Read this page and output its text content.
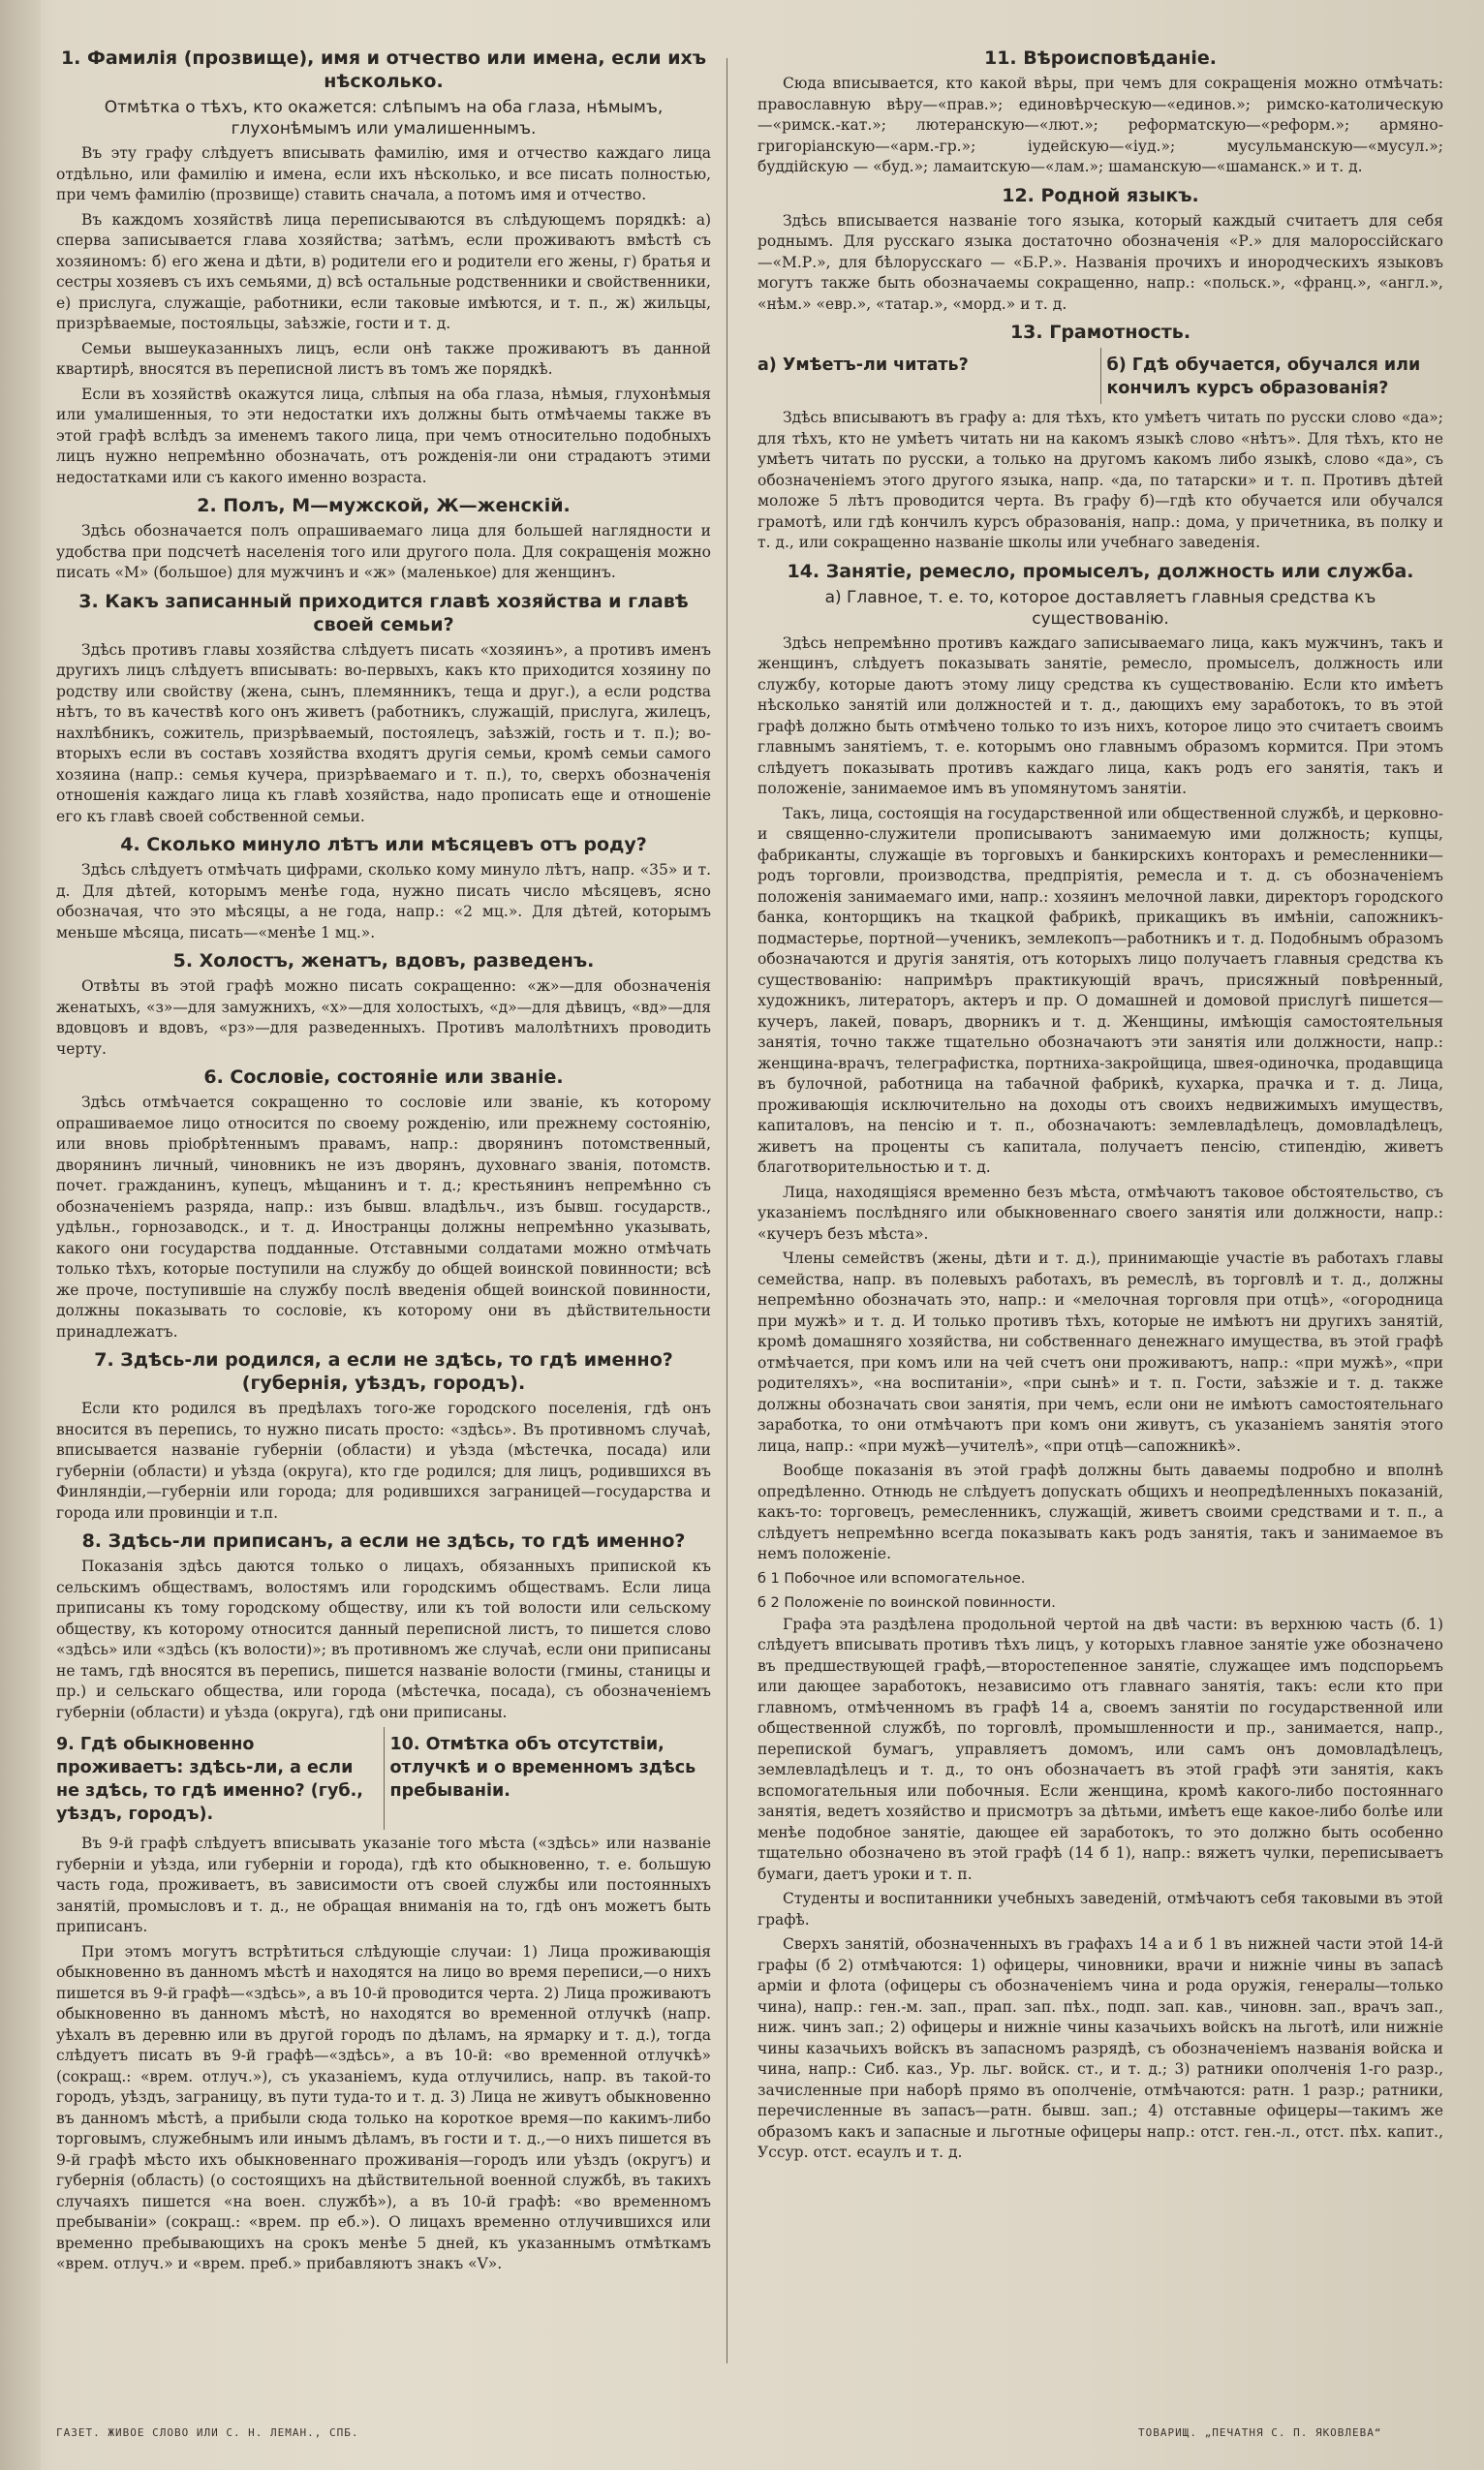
1. Фамилія (прозвище), имя и отчество или имена, если ихъ нѣсколько.
Отмѣтка о тѣхъ, кто окажется: слѣпымъ на оба глаза, нѣмымъ, глухонѣмымъ или умалишеннымъ.

Въ эту графу слѣдуетъ вписывать фамилію, имя и отчество каждаго лица отдѣльно, или фамилію и имена, если ихъ нѣсколько, и все писать полностью, при чемъ фамилію (прозвище) ставить сначала, а потомъ имя и отчество.

Въ каждомъ хозяйствѣ лица переписываются въ слѣдующемъ порядкѣ: а) сперва записывается глава хозяйства; затѣмъ, если проживаютъ вмѣстѣ съ хозяиномъ: б) его жена и дѣти, в) родители его и родители его жены, г) братья и сестры хозяевъ съ ихъ семьями, д) всѣ остальные родственники и свойственники, е) прислуга, служащіе, работники, если таковые имѣются, и т. п., ж) жильцы, призрѣваемые, постояльцы, заѣзжіе, гости и т. д.

Семьи вышеуказанныхъ лицъ, если онѣ также проживаютъ въ данной квартирѣ, вносятся въ переписной листъ въ томъ же порядкѣ.

Если въ хозяйствѣ окажутся лица, слѣпыя на оба глаза, нѣмыя, глухонѣмыя или умалишенныя, то эти недостатки ихъ должны быть отмѣчаемы также въ этой графѣ вслѣдъ за именемъ такого лица, при чемъ относительно подобныхъ лицъ нужно непремѣнно обозначать, отъ рожденія-ли они страдаютъ этими недостатками или съ какого именно возраста.

2. Полъ, М—мужской, Ж—женскій.

Здѣсь обозначается полъ опрашиваемаго лица для большей наглядности и удобства при подсчетѣ населенія того или другого пола. Для сокращенія можно писать «М» (большое) для мужчинъ и «ж» (маленькое) для женщинъ.

3. Какъ записанный приходится главѣ хозяйства и главѣ своей семьи?

Здѣсь противъ главы хозяйства слѣдуетъ писать «хозяинъ», а противъ именъ другихъ лицъ слѣдуетъ вписывать: во-первыхъ, какъ кто приходится хозяину по родству или свойству (жена, сынъ, племянникъ, теща и друг.), а если родства нѣтъ, то въ качествѣ кого онъ живетъ (работникъ, служащій, прислуга, жилецъ, нахлѣбникъ, сожитель, призрѣваемый, постоялецъ, заѣзжій, гость и т. п.); во-вторыхъ если въ составъ хозяйства входятъ другія семьи, кромѣ семьи самого хозяина (напр.: семья кучера, призрѣваемаго и т. п.), то, сверхъ обозначенія отношенія каждаго лица къ главѣ хозяйства, надо прописать еще и отношеніе его къ главѣ своей собственной семьи.

4. Сколько минуло лѣтъ или мѣсяцевъ отъ роду?

Здѣсь слѣдуетъ отмѣчать цифрами, сколько кому минуло лѣтъ, напр. «35» и т. д. Для дѣтей, которымъ менѣе года, нужно писать число мѣсяцевъ, ясно обозначая, что это мѣсяцы, а не года, напр.: «2 мц.». Для дѣтей, которымъ меньше мѣсяца, писать—«менѣе 1 мц.».

5. Холостъ, женатъ, вдовъ, разведенъ.

Отвѣты въ этой графѣ можно писать сокращенно: «ж»—для обозначенія женатыхъ, «з»—для замужнихъ, «х»—для холостыхъ, «д»—для дѣвицъ, «вд»—для вдовцовъ и вдовъ, «рз»—для разведенныхъ. Противъ малолѣтнихъ проводить черту.

6. Сословіе, состояніе или званіе.

Здѣсь отмѣчается сокращенно то сословіе или званіе, къ которому опрашиваемое лицо относится по своему рожденію, или прежнему состоянію, или вновь пріобрѣтеннымъ правамъ, напр.: дворянинъ потомственный, дворянинъ личный, чиновникъ не изъ дворянъ, духовнаго званія, потомств. почет. гражданинъ, купецъ, мѣщанинъ и т. д.; крестьянинъ непремѣнно съ обозначеніемъ разряда, напр.: изъ бывш. владѣльч., изъ бывш. государств., удѣльн., горнозаводск., и т. д. Иностранцы должны непремѣнно указывать, какого они государства подданные. Отставными солдатами можно отмѣчать только тѣхъ, которые поступили на службу до общей воинской повинности; всѣ же проче, поступившіе на службу послѣ введенія общей воинской повинности, должны показывать то сословіе, къ которому они въ дѣйствительности принадлежатъ.

7. Здѣсь-ли родился, а если не здѣсь, то гдѣ именно? (губернія, уѣздъ, городъ).

Если кто родился въ предѣлахъ того-же городского поселенія, гдѣ онъ вносится въ перепись, то нужно писать просто: «здѣсь». Въ противномъ случаѣ, вписывается названіе губерніи (области) и уѣзда (мѣстечка, посада) или губерніи (области) и уѣзда (округа), кто где родился; для лицъ, родившихся въ Финляндіи,—губерніи или города; для родившихся заграницей—государства и города или провинціи и т.п.

8. Здѣсь-ли приписанъ, а если не здѣсь, то гдѣ именно?

Показанія здѣсь даются только о лицахъ, обязанныхъ припиской къ сельскимъ обществамъ, волостямъ или городскимъ обществамъ. Если лица приписаны къ тому городскому обществу, или къ той волости или сельскому обществу, къ которому относится данный переписной листъ, то пишется слово «здѣсь» или «здѣсь (къ волости)»; въ противномъ же случаѣ, если они приписаны не тамъ, гдѣ вносятся въ перепись, пишется названіе волости (гмины, станицы и пр.) и сельскаго общества, или города (мѣстечка, посада), съ обозначеніемъ губерніи (области) и уѣзда (округа), гдѣ они приписаны.

9. Гдѣ обыкновенно проживаетъ: здѣсь-ли, а если не здѣсь, то гдѣ именно? (губ., уѣздъ, городъ).
10. Отмѣтка объ отсутствіи, отлучкѣ и о временномъ здѣсь пребываніи.

Въ 9-й графѣ слѣдуетъ вписывать указаніе того мѣста («здѣсь» или названіе губерніи и уѣзда, или губерніи и города), гдѣ кто обыкновенно, т. е. большую часть года, проживаетъ, въ зависимости отъ своей службы или постоянныхъ занятій, промысловъ и т. д., не обращая вниманія на то, гдѣ онъ можетъ быть приписанъ.

При этомъ могутъ встрѣтиться слѣдующіе случаи: 1) Лица проживающія обыкновенно въ данномъ мѣстѣ и находятся на лицо во время переписи,—о нихъ пишется въ 9-й графѣ—«здѣсь», а въ 10-й проводится черта. 2) Лица проживаютъ обыкновенно въ данномъ мѣстѣ, но находятся во временной отлучкѣ (напр. уѣхалъ въ деревню или въ другой городъ по дѣламъ, на ярмарку и т. д.), тогда слѣдуетъ писать въ 9-й графѣ—«здѣсь», а въ 10-й: «во временной отлучкѣ» (сокращ.: «врем. отлуч.»), съ указаніемъ, куда отлучились, напр. въ такой-то городъ, уѣздъ, заграницу, въ пути туда-то и т. д. 3) Лица не живутъ обыкновенно въ данномъ мѣстѣ, а прибыли сюда только на короткое время—по какимъ-либо торговымъ, служебнымъ или инымъ дѣламъ, въ гости и т. д.,—о нихъ пишется въ 9-й графѣ мѣсто ихъ обыкновеннаго проживанія—городъ или уѣздъ (округъ) и губернія (область) (о состоящихъ на дѣйствительной военной службѣ, въ такихъ случаяхъ пишется «на воен. службѣ»), а въ 10-й графѣ: «во временномъ пребываніи» (сокращ.: «врем. пр еб.»). О лицахъ временно отлучившихся или временно пребывающихъ на срокъ менѣе 5 дней, къ указаннымъ отмѣткамъ «врем. отлуч.» и «врем. преб.» прибавляютъ знакъ «V».

11. Вѣроисповѣданіе.

Сюда вписывается, кто какой вѣры, при чемъ для сокращенія можно отмѣчать: православную вѣру—«прав.»; единовѣрческую—«единов.»; римско-католическую—«римск.-кат.»; лютеранскую—«лют.»; реформатскую—«реформ.»; армяно-григоріанскую—«арм.-гр.»; іудейскую—«іуд.»; мусульманскую—«мусул.»; буддійскую — «буд.»; ламаитскую—«лам.»; шаманскую—«шаманск.» и т. д.

12. Родной языкъ.

Здѣсь вписывается названіе того языка, который каждый считаетъ для себя роднымъ. Для русскаго языка достаточно обозначенія «Р.» для малороссійскаго—«М.Р.», для бѣлорусскаго — «Б.Р.». Названія прочихъ и инородческихъ языковъ могутъ также быть обозначаемы сокращенно, напр.: «польск.», «франц.», «англ.», «нѣм.» «евр.», «татар.», «морд.» и т. д.

13. Грамотность.
а) Умѣетъ-ли читать?	б) Гдѣ обучается, обучался или кончилъ курсъ образованія?

Здѣсь вписываютъ въ графу а: для тѣхъ, кто умѣетъ читать по русски слово «да»; для тѣхъ, кто не умѣетъ читать ни на какомъ языкѣ слово «нѣтъ». Для тѣхъ, кто не умѣетъ читать по русски, а только на другомъ какомъ либо языкѣ, слово «да», съ обозначеніемъ этого другого языка, напр. «да, по татарски» и т. п. Противъ дѣтей моложе 5 лѣтъ проводится черта. Въ графу б)—гдѣ кто обучается или обучался грамотѣ, или гдѣ кончилъ курсъ образованія, напр.: дома, у причетника, въ полку и т. д., или сокращенно названіе школы или учебнаго заведенія.

14. Занятіе, ремесло, промыселъ, должность или служба.
а) Главное, т. е. то, которое доставляетъ главныя средства къ существованію.

Здѣсь непремѣнно противъ каждаго записываемаго лица, какъ мужчинъ, такъ и женщинъ, слѣдуетъ показывать занятіе, ремесло, промыселъ, должность или службу, которые даютъ этому лицу средства къ существованію. Если кто имѣетъ нѣсколько занятій или должностей и т. д., дающихъ ему заработокъ, то въ этой графѣ должно быть отмѣчено только то изъ нихъ, которое лицо это считаетъ своимъ главнымъ занятіемъ, т. е. которымъ оно главнымъ образомъ кормится. При этомъ слѣдуетъ показывать противъ каждаго лица, какъ родъ его занятія, такъ и положеніе, занимаемое имъ въ упомянутомъ занятіи.

Такъ, лица, состоящія на государственной или общественной службѣ, и церковно-и священно-служители прописываютъ занимаемую ими должность; купцы, фабриканты, служащіе въ торговыхъ и банкирскихъ конторахъ и ремесленники—родъ торговли, производства, предпріятія, ремесла и т. д. съ обозначеніемъ положенія занимаемаго ими, напр.: хозяинъ мелочной лавки, директоръ городского банка, конторщикъ на ткацкой фабрикѣ, прикащикъ въ имѣніи, сапожникъ-подмастерье, портной—ученикъ, землекопъ—работникъ и т. д. Подобнымъ образомъ обозначаются и другія занятія, отъ которыхъ лицо получаетъ главныя средства къ существованію: напримѣръ практикующій врачъ, присяжный повѣренный, художникъ, литераторъ, актеръ и пр. О домашней и домовой прислугѣ пишется—кучеръ, лакей, поваръ, дворникъ и т. д. Женщины, имѣющія самостоятельныя занятія, точно также тщательно обозначаютъ эти занятія или должности, напр.: женщина-врачъ, телеграфистка, портниха-закройщица, швея-одиночка, продавщица въ булочной, работница на табачной фабрикѣ, кухарка, прачка и т. д. Лица, проживающія исключительно на доходы отъ своихъ недвижимыхъ имуществъ, капиталовъ, на пенсію и т. п., обозначаютъ: землевладѣлецъ, домовладѣлецъ, живетъ на проценты съ капитала, получаетъ пенсію, стипендію, живетъ благотворительностью и т. д.

Лица, находящіяся временно безъ мѣста, отмѣчаютъ таковое обстоятельство, съ указаніемъ послѣдняго или обыкновеннаго своего занятія или должности, напр.: «кучеръ безъ мѣста».

Члены семействъ (жены, дѣти и т. д.), принимающіе участіе въ работахъ главы семейства, напр. въ полевыхъ работахъ, въ ремеслѣ, въ торговлѣ и т. д., должны непремѣнно обозначать это, напр.: и «мелочная торговля при отцѣ», «огородница при мужѣ» и т. д. И только противъ тѣхъ, которые не имѣютъ ни другихъ занятій, кромѣ домашняго хозяйства, ни собственнаго денежнаго имущества, въ этой графѣ отмѣчается, при комъ или на чей счетъ они проживаютъ, напр.: «при мужѣ», «при родителяхъ», «на воспитаніи», «при сынѣ» и т. п. Гости, заѣзжіе и т. д. также должны обозначать свои занятія, при чемъ, если они не имѣютъ самостоятельнаго заработка, то они отмѣчаютъ при комъ они живутъ, съ указаніемъ занятія этого лица, напр.: «при мужѣ—учителѣ», «при отцѣ—сапожникѣ».

Вообще показанія въ этой графѣ должны быть даваемы подробно и вполнѣ опредѣленно. Отнюдь не слѣдуетъ допускать общихъ и неопредѣленныхъ показаній, какъ-то: торговецъ, ремесленникъ, служащій, живетъ своими средствами и т. п., а слѣдуетъ непремѣнно всегда показывать какъ родъ занятія, такъ и занимаемое въ немъ положеніе.

б 1 Побочное или вспомогательное.
б 2 Положеніе по воинской повинности.

Графа эта раздѣлена продольной чертой на двѣ части: въ верхнюю часть (б. 1) слѣдуетъ вписывать противъ тѣхъ лицъ, у которыхъ главное занятіе уже обозначено въ предшествующей графѣ,—второстепенное занятіе, служащее имъ подспорьемъ или дающее заработокъ, независимо отъ главнаго занятія, такъ: если кто при главномъ, отмѣченномъ въ графѣ 14 а, своемъ занятіи по государственной или общественной службѣ, по торговлѣ, промышленности и пр., занимается, напр., перепиской бумагъ, управляетъ домомъ, или самъ онъ домовладѣлецъ, землевладѣлецъ и т. д., то онъ обозначаетъ въ этой графѣ эти занятія, какъ вспомогательныя или побочныя. Если женщина, кромѣ какого-либо постояннаго занятія, ведетъ хозяйство и присмотръ за дѣтьми, имѣетъ еще какое-либо болѣе или менѣе подобное занятіе, дающее ей заработокъ, то это должно быть особенно тщательно обозначено въ этой графѣ (14 б 1), напр.: вяжетъ чулки, переписываетъ бумаги, даетъ уроки и т. п.

Студенты и воспитанники учебныхъ заведеній, отмѣчаютъ себя таковыми въ этой графѣ.

Сверхъ занятій, обозначенныхъ въ графахъ 14 а и б 1 въ нижней части этой 14-й графы (б 2) отмѣчаются: 1) офицеры, чиновники, врачи и нижніе чины въ запасѣ арміи и флота (офицеры съ обозначеніемъ чина и рода оружія, генералы—только чина), напр.: ген.-м. зап., прап. зап. пѣх., подп. зап. кав., чиновн. зап., врачъ зап., ниж. чинъ зап.; 2) офицеры и нижніе чины казачьихъ войскъ на льготѣ, или нижніе чины казачьихъ войскъ въ запасномъ разрядѣ, съ обозначеніемъ названія войска и чина, напр.: Сиб. каз., Ур. льг. войск. ст., и т. д.; 3) ратники ополченія 1-го разр., зачисленные при наборѣ прямо въ ополченіе, отмѣчаются: ратн. 1 разр.; ратники, перечисленные въ запасъ—ратн. бывш. зап.; 4) отставные офицеры—такимъ же образомъ какъ и запасные и льготные офицеры напр.: отст. ген.-л., отст. пѣх. капит., Уссур. отст. есаулъ и т. д.

ГАЗЕТ. ЖИВОЕ СЛОВО ИЛИ С. Н. ЛЕМАН., СПБ.	ТОВАРИЩ. „ПЕЧАТНЯ С. П. ЯКОВЛЕВА“
